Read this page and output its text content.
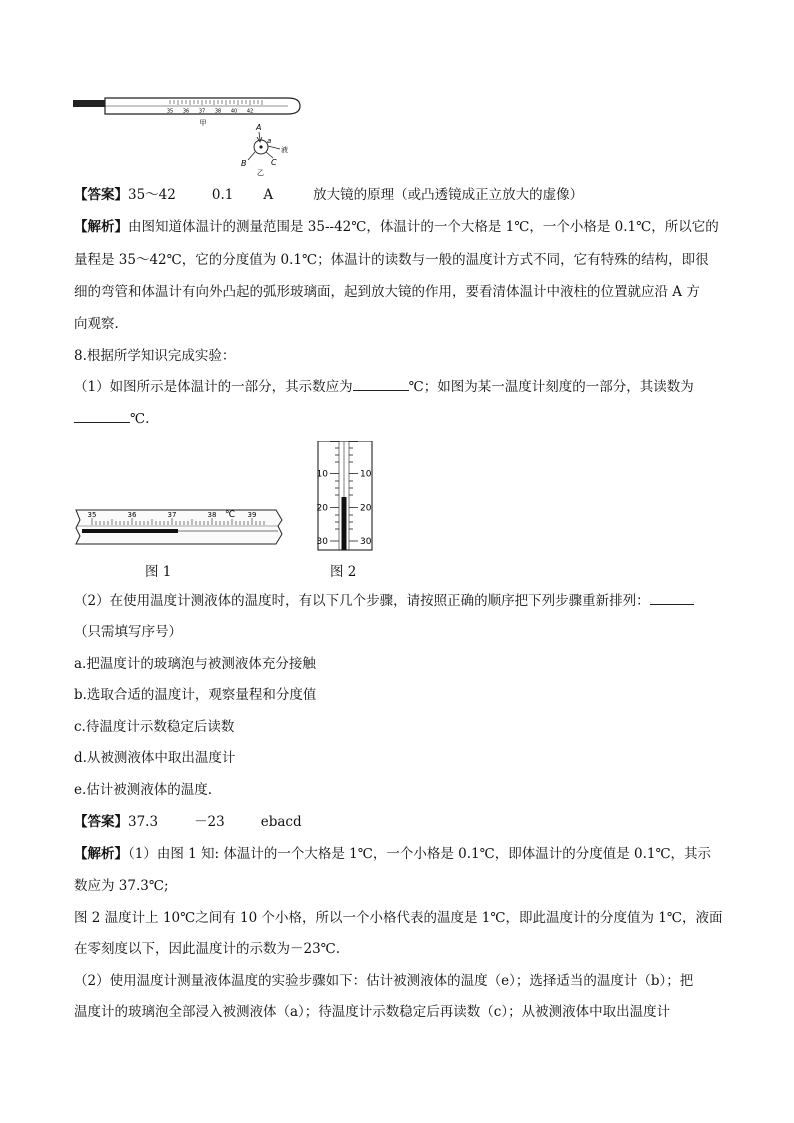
35 36 37 38 40 42
甲	A
a
液
B	C
乙
【答案】35～42	0.1 A	放大镜的原理（或凸透镜成正立放大的虚像）
【解析】由图知道体温计的测量范围是 35--42℃，体温计的一个大格是 1℃，一个小格是 0.1℃，所以它的
量程是 35～42℃，它的分度值为 0.1℃；体温计的读数与一般的温度计方式不同，它有特殊的结构，即很
细的弯管和体温计有向外凸起的弧形玻璃面，起到放大镜的作用，要看清体温计中液柱的位置就应沿 A 方
向观察.
8.根据所学知识完成实验：
（1）如图所示是体温计的一部分，其示数应为	℃；如图为某一温度计刻度的一部分，其读数为
℃.
35	36	37	38 ℃ 39
图 1
10
20
30
10
20
30
图 2
（2）在使用温度计测液体的温度时，有以下几个步骤，请按照正确的顺序把下列步骤重新排列：
（只需填写序号）
a.把温度计的玻璃泡与被测液体充分接触
b.选取合适的温度计，观察量程和分度值
c.待温度计示数稳定后读数
d.从被测液体中取出温度计
e.估计被测液体的温度.
【答案】37.3	－23	ebacd
【解析】（1）由图 1 知: 体温计的一个大格是 1℃，一个小格是 0.1℃，即体温计的分度值是 0.1℃，其示
数应为 37.3℃;
图 2 温度计上 10℃之间有 10 个小格，所以一个小格代表的温度是 1℃，即此温度计的分度值为 1℃，液面
在零刻度以下，因此温度计的示数为－23℃.
（2）使用温度计测量液体温度的实验步骤如下：估计被测液体的温度（e）；选择适当的温度计（b）；把
温度计的玻璃泡全部浸入被测液体（a）；待温度计示数稳定后再读数（c）；从被测液体中取出温度计
